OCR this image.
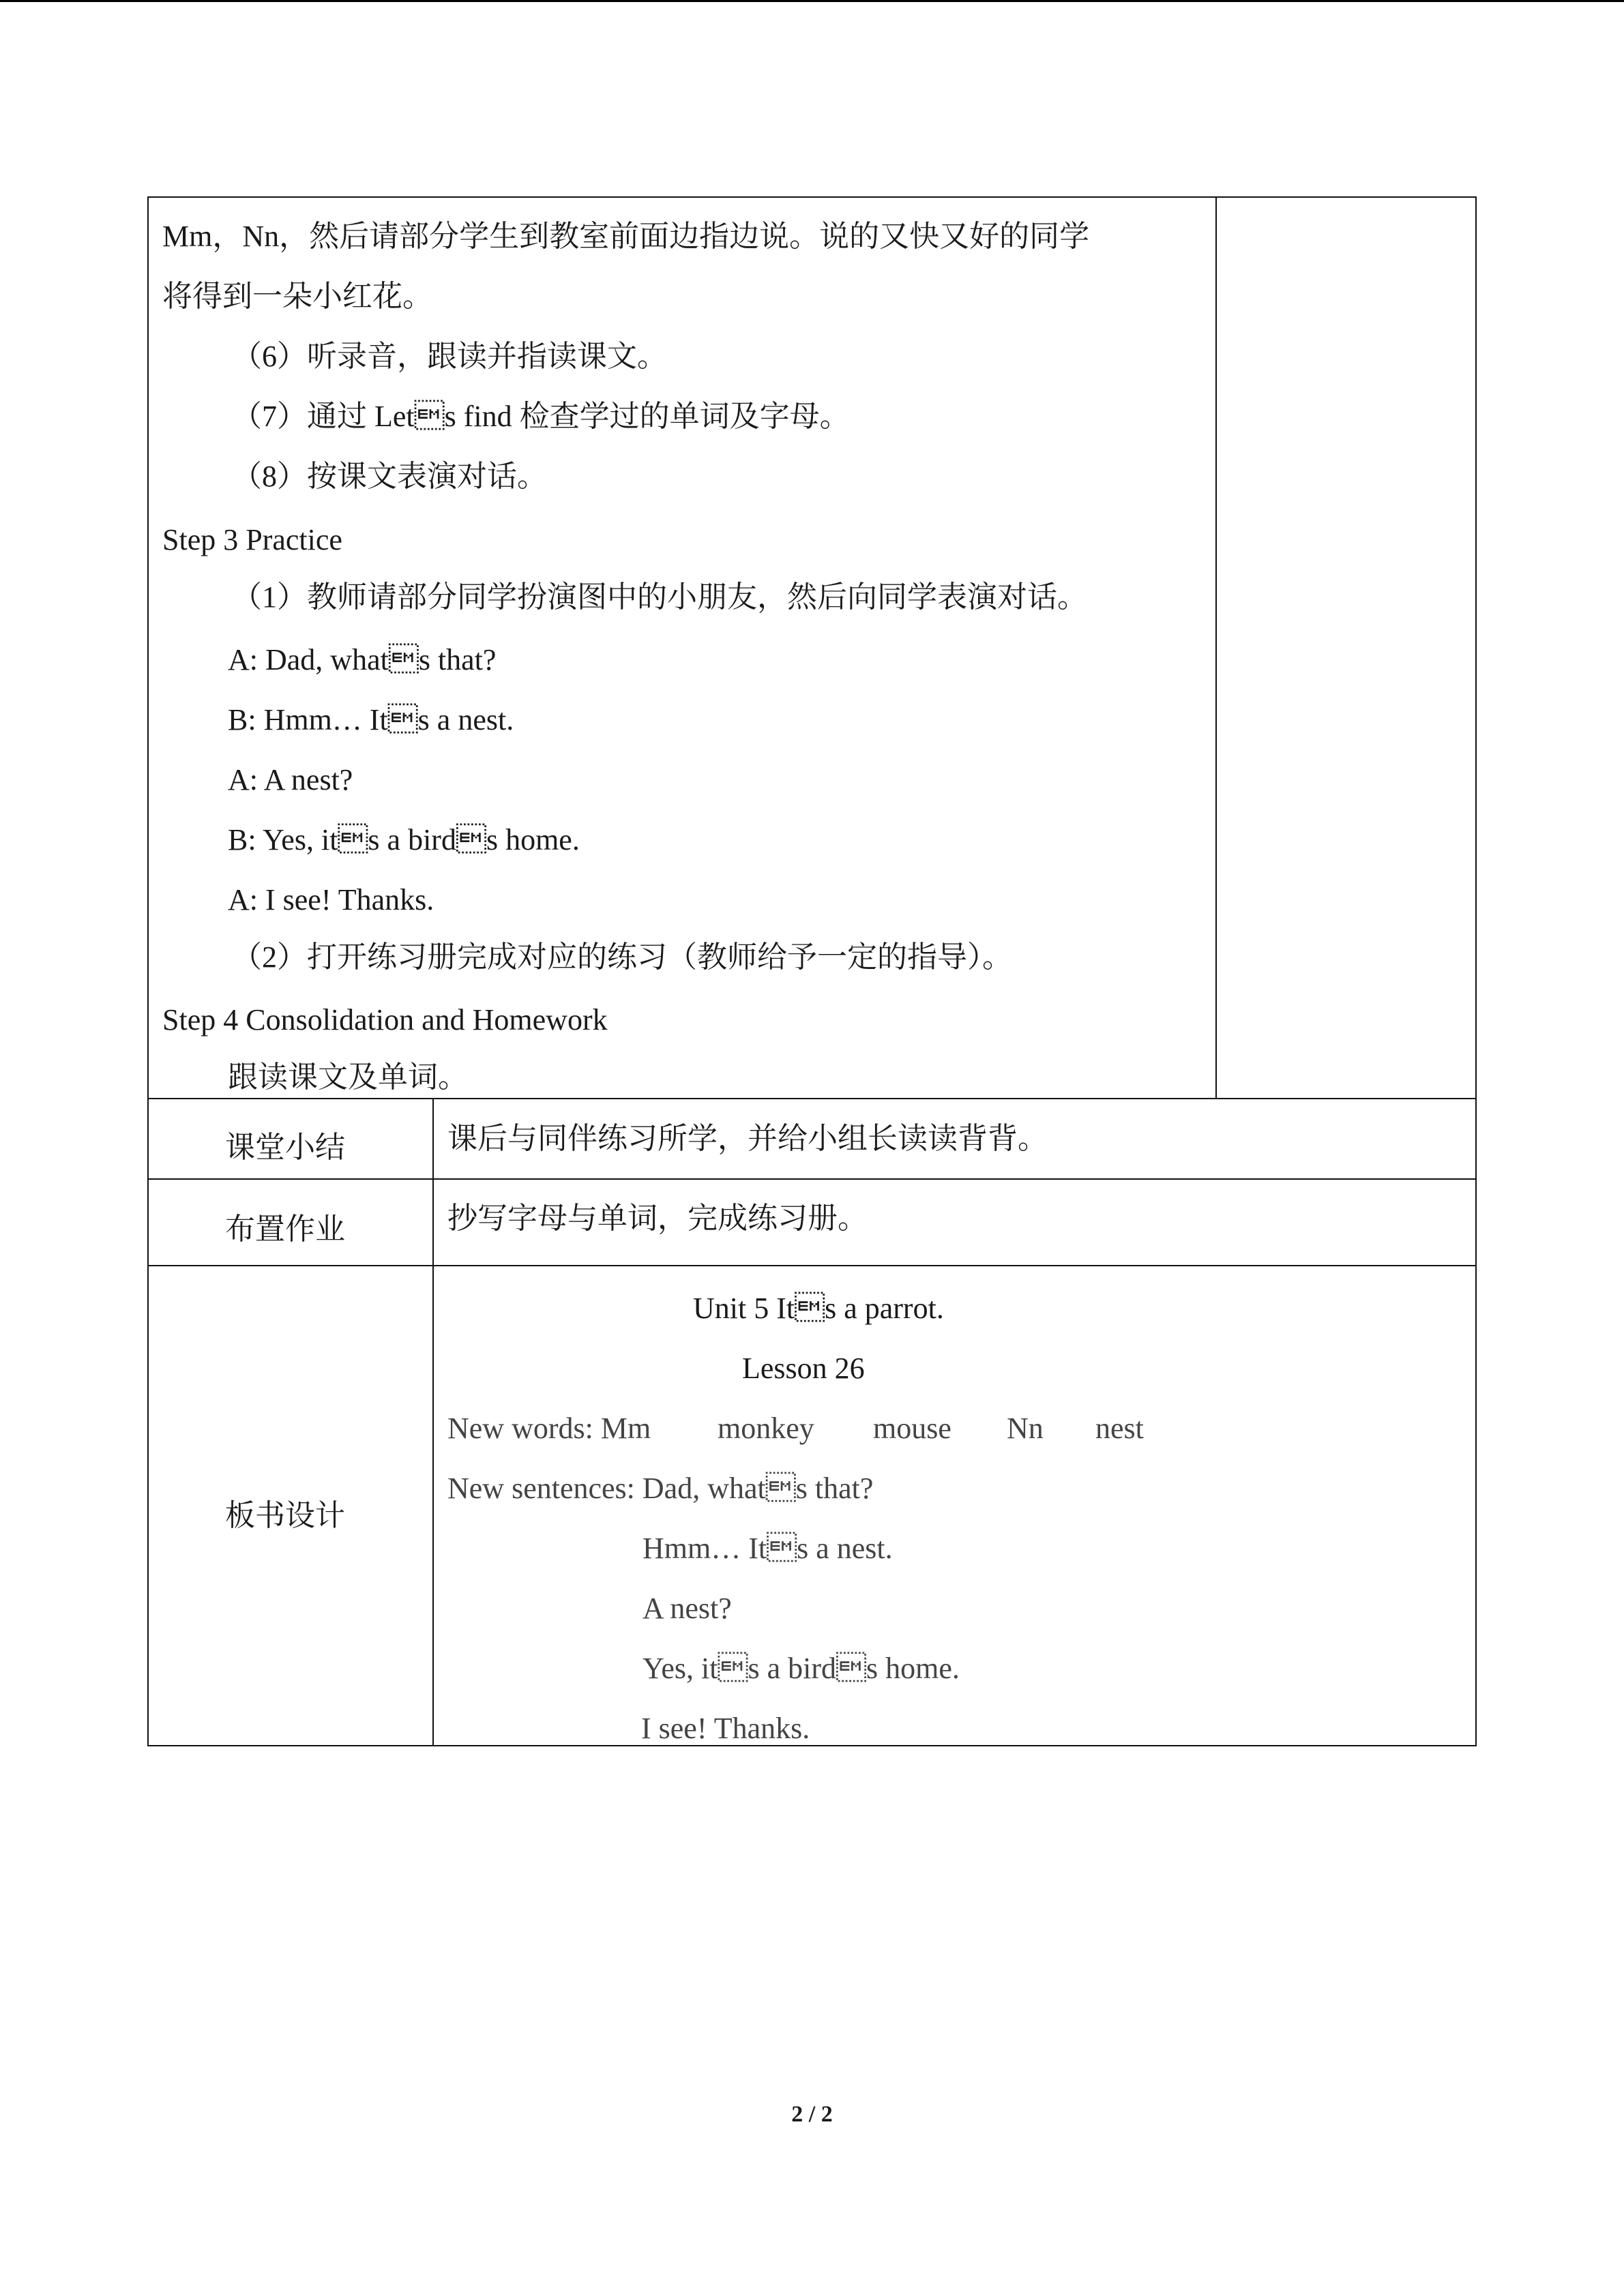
Mm，Nn，然后请部分学生到教室前面边指边说。说的又快又好的同学
将得到一朵小红花。
（6）听录音，跟读并指读课文。
（7）通过 Lets find 检查学过的单词及字母。
（8）按课文表演对话。
Step 3 Practice
（1）教师请部分同学扮演图中的小朋友，然后向同学表演对话。
A: Dad, whats that?
B: Hmm… Its a nest.
A: A nest?
B: Yes, its a birds home.
A: I see! Thanks.
（2）打开练习册完成对应的练习（教师给予一定的指导）。
Step 4 Consolidation and Homework
跟读课文及单词。
课堂小结	课后与同伴练习所学，并给小组长读读背背。
布置作业	抄写字母与单词，完成练习册。
板书设计
Unit 5 Its a parrot.
Lesson 26
New words: Mm monkey mouse Nn nest
New sentences: Dad, whats that?
Hmm… Its a nest.
A nest?
Yes, its a birds home.
I see! Thanks.
2 / 2
